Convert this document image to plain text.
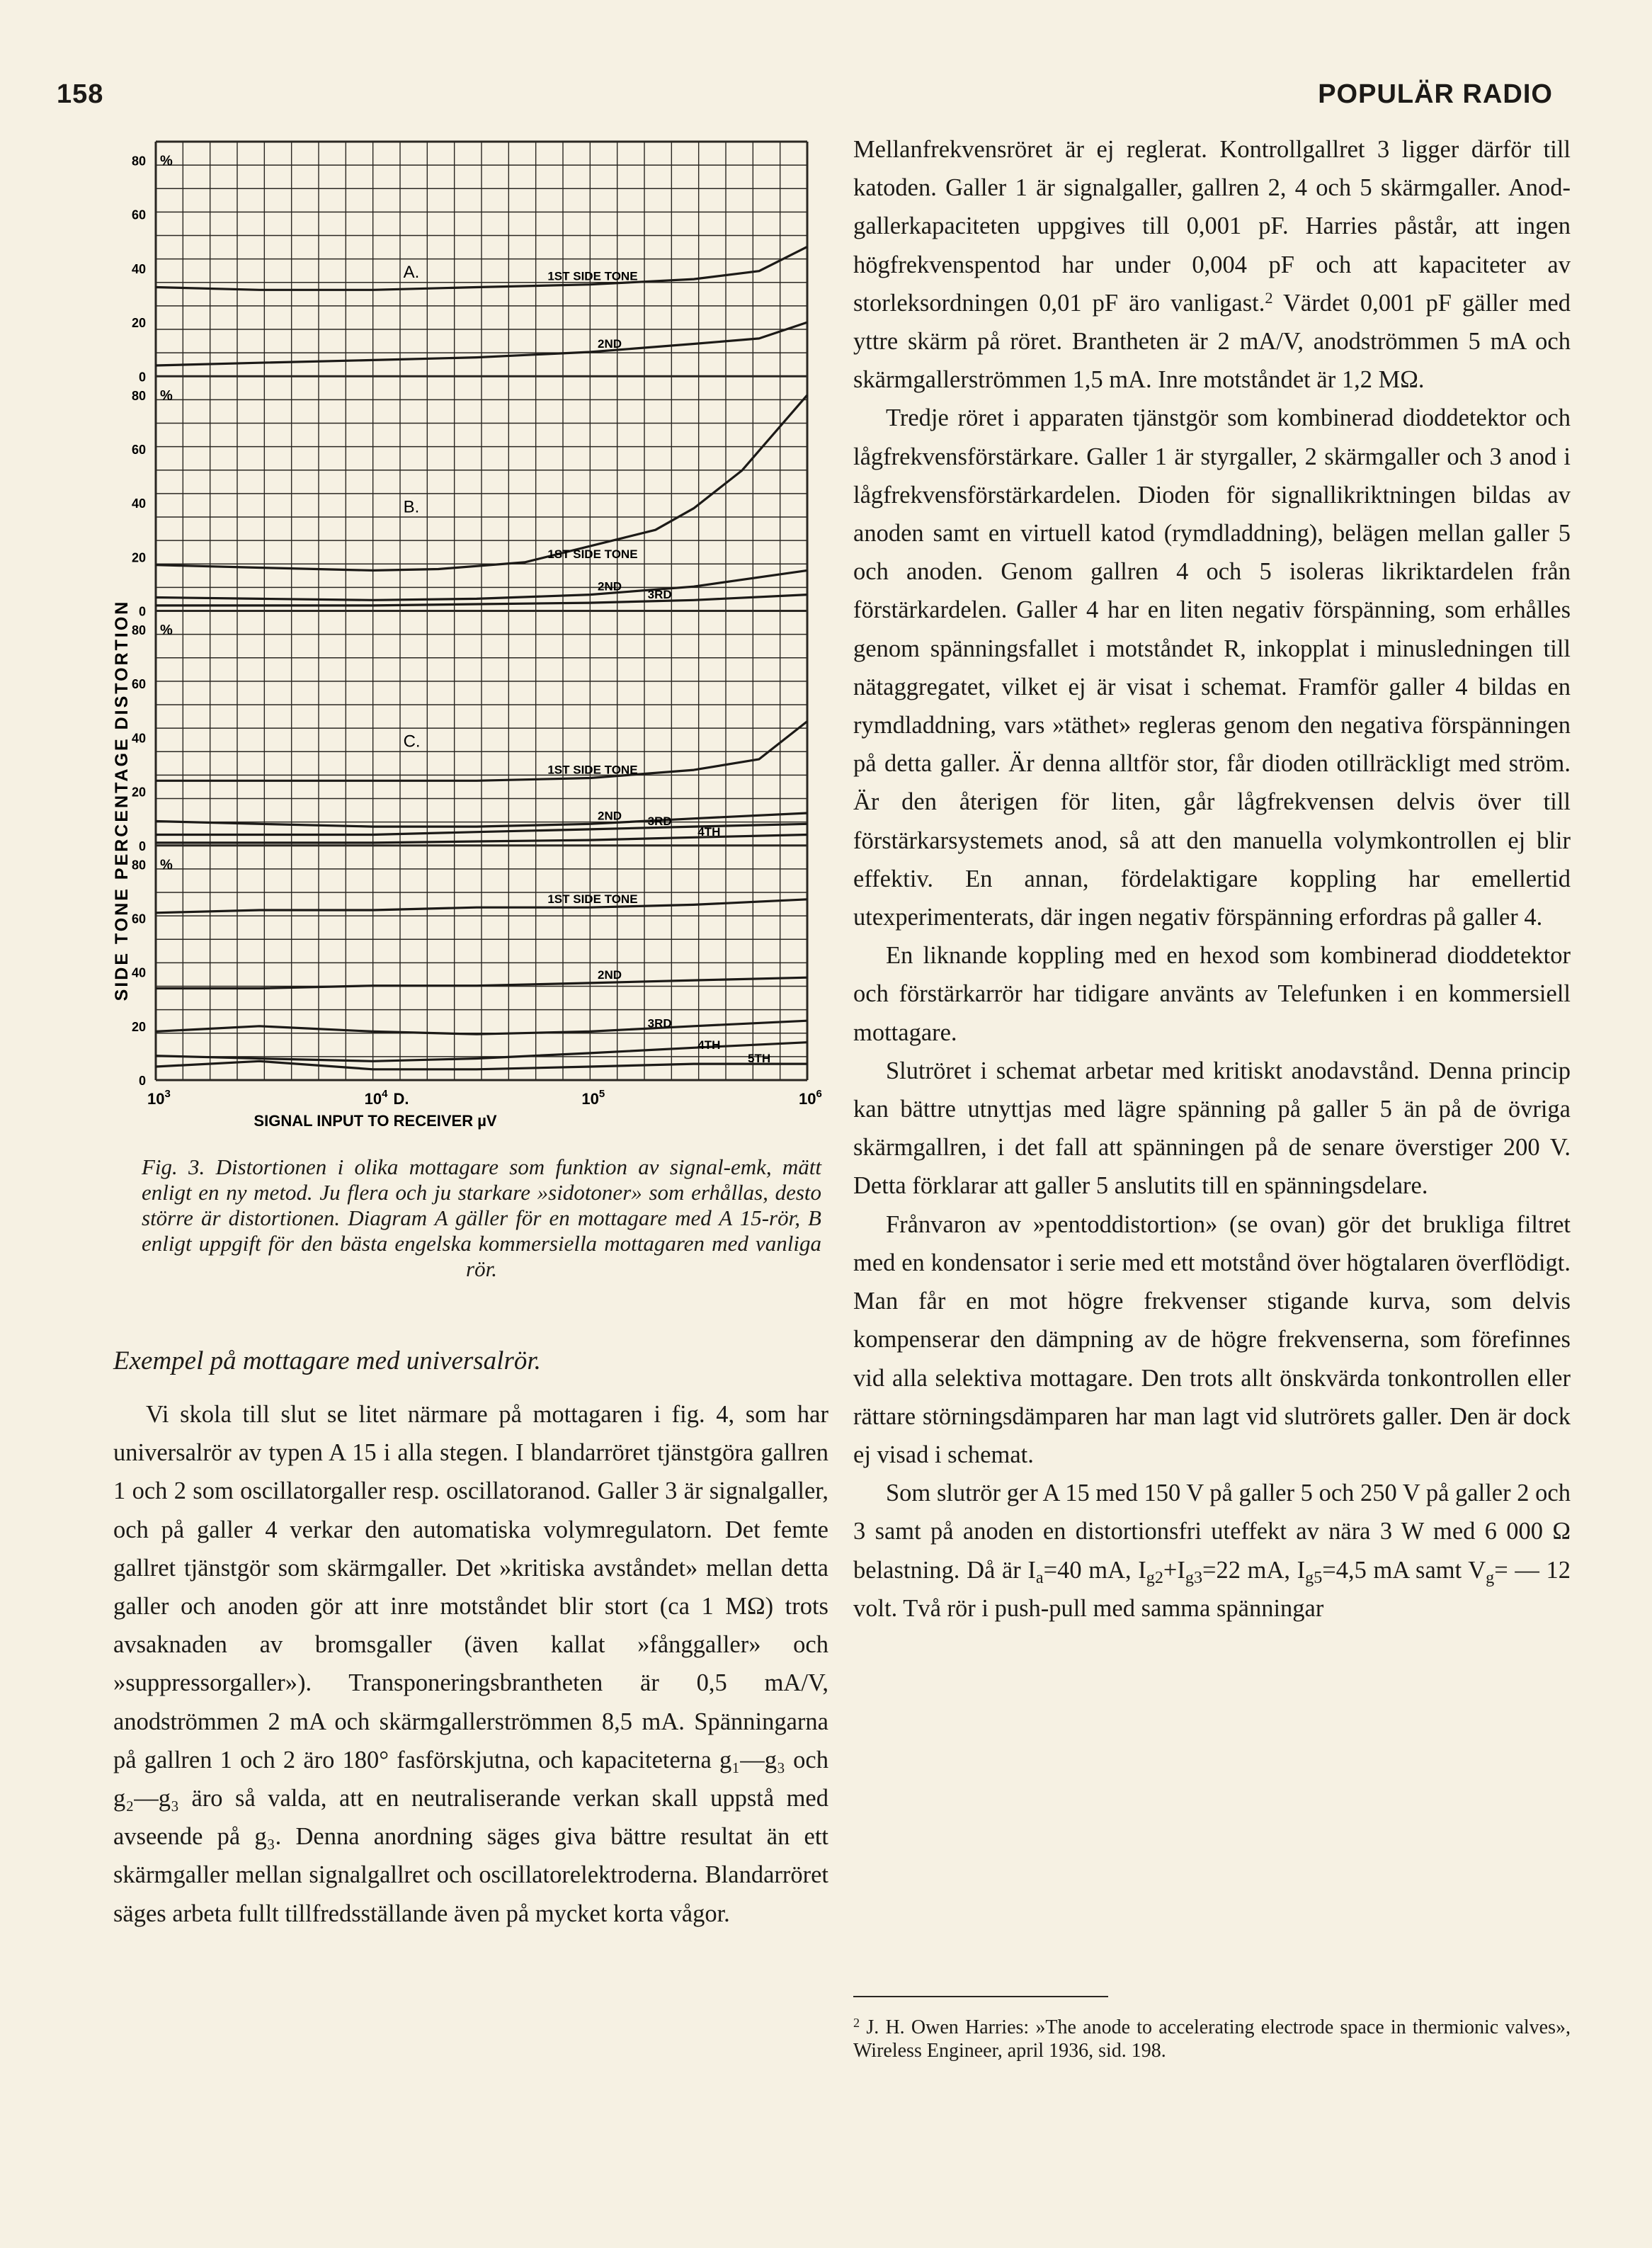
158	POPULÄR RADIO
0
20
40
60
80 %
0
20
40
60
80 %
0
20
40
60
80 %
0
20
40
60
80 %
A.	1ST SIDE TONE
2ND
B.
1ST SIDE TONE
2ND
3RD
C.
1ST SIDE TONE
2ND 3RD
4TH
1ST SIDE TONE
2ND
3RD
4TH
5TH
SIGNAL INPUT TO RECEIVER µV
$10^3$	$10^4$ D.	$10^5$	$10^6$
SIDE TONE PERCENTAGE DISTORTION
Fig. 3. Distortionen i olika mottagare som funktion av signal-emk, mätt enligt en ny metod. Ju flera och ju starkare »sidotoner» som erhållas, desto större är distortionen. Diagram A gäller för en mottagare med A 15-rör, B enligt uppgift för den bästa engelska kommersiella mottagaren med vanliga rör.
Exempel på mottagare med universalrör.

Vi skola till slut se litet närmare på mottagaren i fig. 4, som har universalrör av typen A 15 i alla stegen. I blandarröret tjänstgöra gallren 1 och 2 som oscillatorgaller resp. oscillatoranod. Galler 3 är signalgaller, och på galler 4 verkar den automatiska volymregulatorn. Det femte gallret tjänstgör som skärmgaller. Det »kritiska avståndet» mellan detta galler och anoden gör att inre motståndet blir stort (ca 1 MΩ) trots avsaknaden av bromsgaller (även kallat »fånggaller» och »suppressorgaller»). Transponeringsbrantheten är 0,5 mA/V, anodströmmen 2 mA och skärmgallerströmmen 8,5 mA. Spänningarna på gallren 1 och 2 äro 180° fasförskjutna, och kapaciteterna g₁—g₃ och g₂—g₃ äro så valda, att en neutraliserande verkan skall uppstå med avseende på g₃. Denna anordning säges giva bättre resultat än ett skärmgaller mellan signalgallret och oscillatorelektroderna. Blandarröret säges arbeta fullt tillfredsställande även på mycket korta vågor.

Mellanfrekvensröret är ej reglerat. Kontrollgallret 3 ligger därför till katoden. Galler 1 är signalgaller, gallren 2, 4 och 5 skärmgaller. Anod-gallerkapaciteten uppgives till 0,001 pF. Harries påstår, att ingen högfrekvenspentod har under 0,004 pF och att kapaciteter av storleksordningen 0,01 pF äro vanligast.$^2$ Värdet 0,001 pF gäller med yttre skärm på röret. Brantheten är 2 mA/V, anodströmmen 5 mA och skärmgallerströmmen 1,5 mA. Inre motståndet är 1,2 MΩ.

Tredje röret i apparaten tjänstgör som kombinerad dioddetektor och lågfrekvensförstärkare. Galler 1 är styrgaller, 2 skärmgaller och 3 anod i lågfrekvensförstärkardelen. Dioden för signallikriktningen bildas av anoden samt en virtuell katod (rymdladdning), belägen mellan galler 5 och anoden. Genom gallren 4 och 5 isoleras likriktardelen från förstärkardelen. Galler 4 har en liten negativ förspänning, som erhålles genom spänningsfallet i motståndet R, inkopplat i minusledningen till nätaggregatet, vilket ej är visat i schemat. Framför galler 4 bildas en rymdladdning, vars »täthet» regleras genom den negativa förspänningen på detta galler. Är denna alltför stor, får dioden otillräckligt med ström. Är den återigen för liten, går lågfrekvensen delvis över till förstärkarsystemets anod, så att den manuella volymkontrollen ej blir effektiv. En annan, fördelaktigare koppling har emellertid utexperimenterats, där ingen negativ förspänning erfordras på galler 4.

En liknande koppling med en hexod som kombinerad dioddetektor och förstärkarrör har tidigare använts av Telefunken i en kommersiell mottagare.

Slutröret i schemat arbetar med kritiskt anodavstånd. Denna princip kan bättre utnyttjas med lägre spänning på galler 5 än på de övriga skärmgallren, i det fall att spänningen på de senare överstiger 200 V. Detta förklarar att galler 5 anslutits till en spänningsdelare.

Frånvaron av »pentoddistortion» (se ovan) gör det brukliga filtret med en kondensator i serie med ett motstånd över högtalaren överflödigt. Man får en mot högre frekvenser stigande kurva, som delvis kompenserar den dämpning av de högre frekvenserna, som förefinnes vid alla selektiva mottagare. Den trots allt önskvärda tonkontrollen eller rättare störningsdämparen har man lagt vid slutrörets galler. Den är dock ej visad i schemat.

Som slutrör ger A 15 med 150 V på galler 5 och 250 V på galler 2 och 3 samt på anoden en distortionsfri uteffekt av nära 3 W med 6 000 Ω belastning. Då är $I_a=40$ mA, $I_{g2}+I_{g3}=22$ mA, $I_{g5}=4,5$ mA samt $V_g=$ — 12 volt. Två rör i push-pull med samma spänningar

$^2$ J. H. Owen Harries: »The anode to accelerating electrode space in thermionic valves», Wireless Engineer, april 1936, sid. 198.
